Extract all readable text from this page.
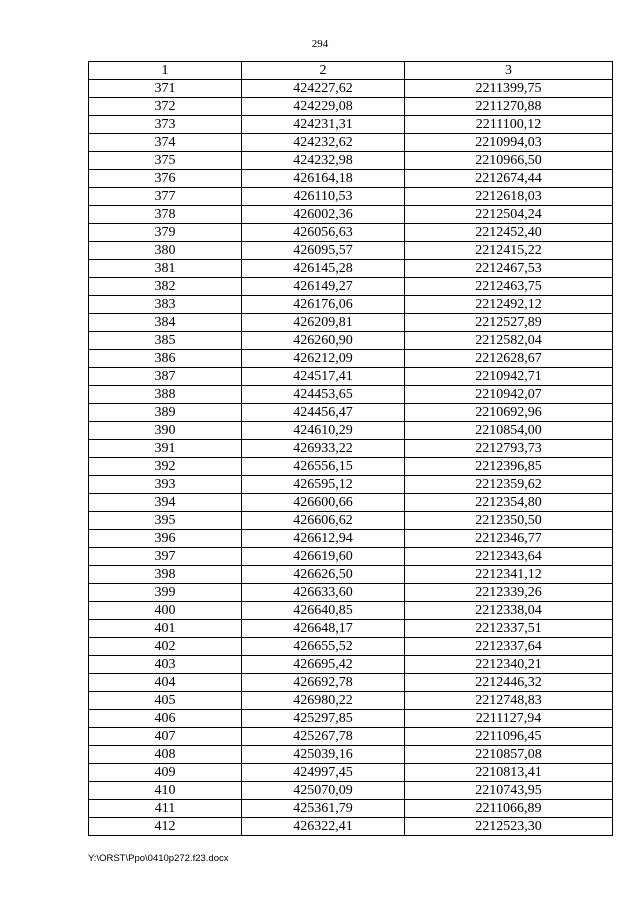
294
1	2	3
371	424227,62	2211399,75
372	424229,08	2211270,88
373	424231,31	2211100,12
374	424232,62	2210994,03
375	424232,98	2210966,50
376	426164,18	2212674,44
377	426110,53	2212618,03
378	426002,36	2212504,24
379	426056,63	2212452,40
380	426095,57	2212415,22
381	426145,28	2212467,53
382	426149,27	2212463,75
383	426176,06	2212492,12
384	426209,81	2212527,89
385	426260,90	2212582,04
386	426212,09	2212628,67
387	424517,41	2210942,71
388	424453,65	2210942,07
389	424456,47	2210692,96
390	424610,29	2210854,00
391	426933,22	2212793,73
392	426556,15	2212396,85
393	426595,12	2212359,62
394	426600,66	2212354,80
395	426606,62	2212350,50
396	426612,94	2212346,77
397	426619,60	2212343,64
398	426626,50	2212341,12
399	426633,60	2212339,26
400	426640,85	2212338,04
401	426648,17	2212337,51
402	426655,52	2212337,64
403	426695,42	2212340,21
404	426692,78	2212446,32
405	426980,22	2212748,83
406	425297,85	2211127,94
407	425267,78	2211096,45
408	425039,16	2210857,08
409	424997,45	2210813,41
410	425070,09	2210743,95
411	425361,79	2211066,89
412	426322,41	2212523,30
Y:\ORST\Ppo\0410p272.f23.docx
